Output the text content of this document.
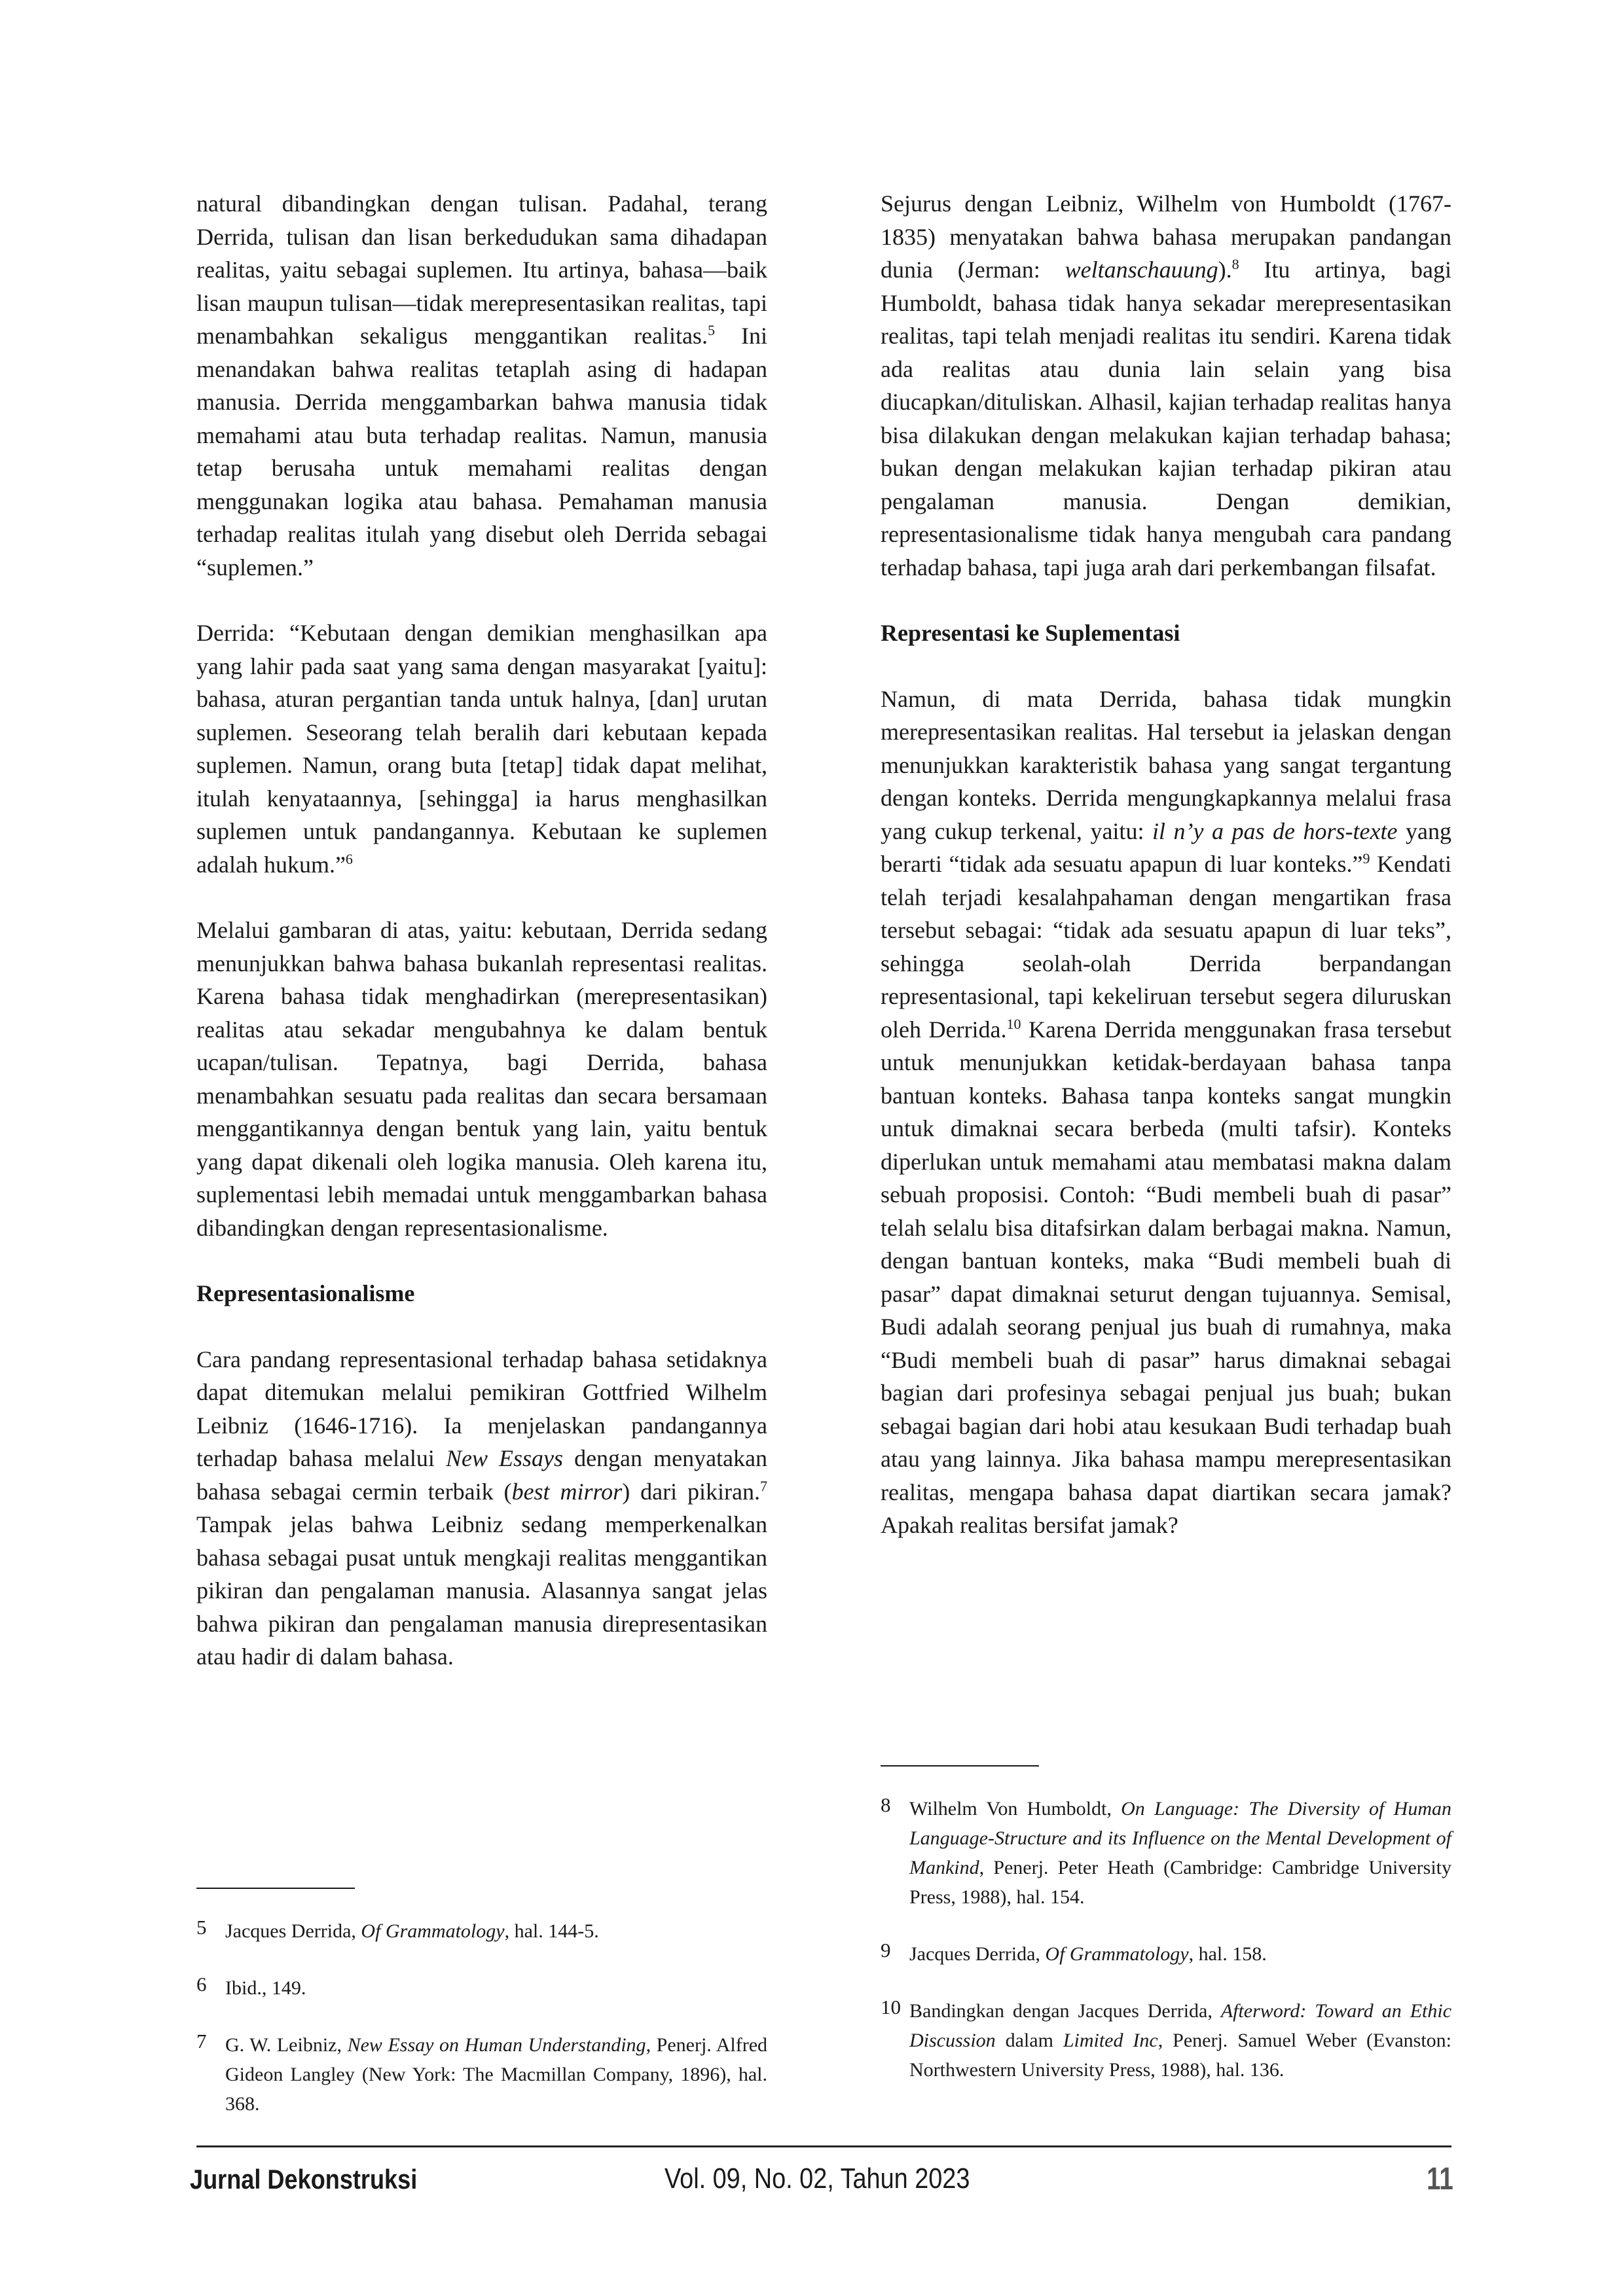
natural dibandingkan dengan tulisan. Padahal, terang Derrida, tulisan dan lisan berkedudukan sama dihadapan realitas, yaitu sebagai suplemen. Itu artinya, bahasa—baik lisan maupun tulisan—tidak merepresentasikan realitas, tapi menambahkan sekaligus menggantikan realitas.$^5$ Ini menandakan bahwa realitas tetaplah asing di hadapan manusia. Derrida menggambarkan bahwa manusia tidak memahami atau buta terhadap realitas. Namun, manusia tetap berusaha untuk memahami realitas dengan menggunakan logika atau bahasa. Pemahaman manusia terhadap realitas itulah yang disebut oleh Derrida sebagai “suplemen.”

Derrida: “Kebutaan dengan demikian menghasilkan apa yang lahir pada saat yang sama dengan masyarakat [yaitu]: bahasa, aturan pergantian tanda untuk halnya, [dan] urutan suplemen. Seseorang telah beralih dari kebutaan kepada suplemen. Namun, orang buta [tetap] tidak dapat melihat, itulah kenyataannya, [sehingga] ia harus menghasilkan suplemen untuk pandangannya. Kebutaan ke suplemen adalah hukum.”$^6$

Melalui gambaran di atas, yaitu: kebutaan, Derrida sedang menunjukkan bahwa bahasa bukanlah representasi realitas. Karena bahasa tidak menghadirkan (merepresentasikan) realitas atau sekadar mengubahnya ke dalam bentuk ucapan/tulisan. Tepatnya, bagi Derrida, bahasa menambahkan sesuatu pada realitas dan secara bersamaan menggantikannya dengan bentuk yang lain, yaitu bentuk yang dapat dikenali oleh logika manusia. Oleh karena itu, suplementasi lebih memadai untuk menggambarkan bahasa dibandingkan dengan representasionalisme.

Representasionalisme

Cara pandang representasional terhadap bahasa setidaknya dapat ditemukan melalui pemikiran Gottfried Wilhelm Leibniz (1646-1716). Ia menjelaskan pandangannya terhadap bahasa melalui New Essays dengan menyatakan bahasa sebagai cermin terbaik (best mirror) dari pikiran.$^7$ Tampak jelas bahwa Leibniz sedang memperkenalkan bahasa sebagai pusat untuk mengkaji realitas menggantikan pikiran dan pengalaman manusia. Alasannya sangat jelas bahwa pikiran dan pengalaman manusia direpresentasikan atau hadir di dalam bahasa.

Sejurus dengan Leibniz, Wilhelm von Humboldt (1767-1835) menyatakan bahwa bahasa merupakan pandangan dunia (Jerman: weltanschauung).$^8$ Itu artinya, bagi Humboldt, bahasa tidak hanya sekadar merepresentasikan realitas, tapi telah menjadi realitas itu sendiri. Karena tidak ada realitas atau dunia lain selain yang bisa diucapkan/dituliskan. Alhasil, kajian terhadap realitas hanya bisa dilakukan dengan melakukan kajian terhadap bahasa; bukan dengan melakukan kajian terhadap pikiran atau pengalaman manusia. Dengan demikian, representasionalisme tidak hanya mengubah cara pandang terhadap bahasa, tapi juga arah dari perkembangan filsafat.

Representasi ke Suplementasi

Namun, di mata Derrida, bahasa tidak mungkin merepresentasikan realitas. Hal tersebut ia jelaskan dengan menunjukkan karakteristik bahasa yang sangat tergantung dengan konteks. Derrida mengungkapkannya melalui frasa yang cukup terkenal, yaitu: il n’y a pas de hors-texte yang berarti “tidak ada sesuatu apapun di luar konteks.”$^9$ Kendati telah terjadi kesalahpahaman dengan mengartikan frasa tersebut sebagai: “tidak ada sesuatu apapun di luar teks”, sehingga seolah-olah Derrida berpandangan representasional, tapi kekeliruan tersebut segera diluruskan oleh Derrida.$^{10}$ Karena Derrida menggunakan frasa tersebut untuk menunjukkan ketidak-berdayaan bahasa tanpa bantuan konteks. Bahasa tanpa konteks sangat mungkin untuk dimaknai secara berbeda (multi tafsir). Konteks diperlukan untuk memahami atau membatasi makna dalam sebuah proposisi. Contoh: “Budi membeli buah di pasar” telah selalu bisa ditafsirkan dalam berbagai makna. Namun, dengan bantuan konteks, maka “Budi membeli buah di pasar” dapat dimaknai seturut dengan tujuannya. Semisal, Budi adalah seorang penjual jus buah di rumahnya, maka “Budi membeli buah di pasar” harus dimaknai sebagai bagian dari profesinya sebagai penjual jus buah; bukan sebagai bagian dari hobi atau kesukaan Budi terhadap buah atau yang lainnya. Jika bahasa mampu merepresentasikan realitas, mengapa bahasa dapat diartikan secara jamak? Apakah realitas bersifat jamak?

5 Jacques Derrida, Of Grammatology, hal. 144-5.
6 Ibid., 149.
7 G. W. Leibniz, New Essay on Human Understanding, Penerj. Alfred Gideon Langley (New York: The Macmillan Company, 1896), hal. 368.
8 Wilhelm Von Humboldt, On Language: The Diversity of Human Language-Structure and its Influence on the Mental Development of Mankind, Penerj. Peter Heath (Cambridge: Cambridge University Press, 1988), hal. 154.
9 Jacques Derrida, Of Grammatology, hal. 158.
10 Bandingkan dengan Jacques Derrida, Afterword: Toward an Ethic Discussion dalam Limited Inc, Penerj. Samuel Weber (Evanston: Northwestern University Press, 1988), hal. 136.
Jurnal Dekonstruksi	Vol. 09, No. 02, Tahun 2023	11
